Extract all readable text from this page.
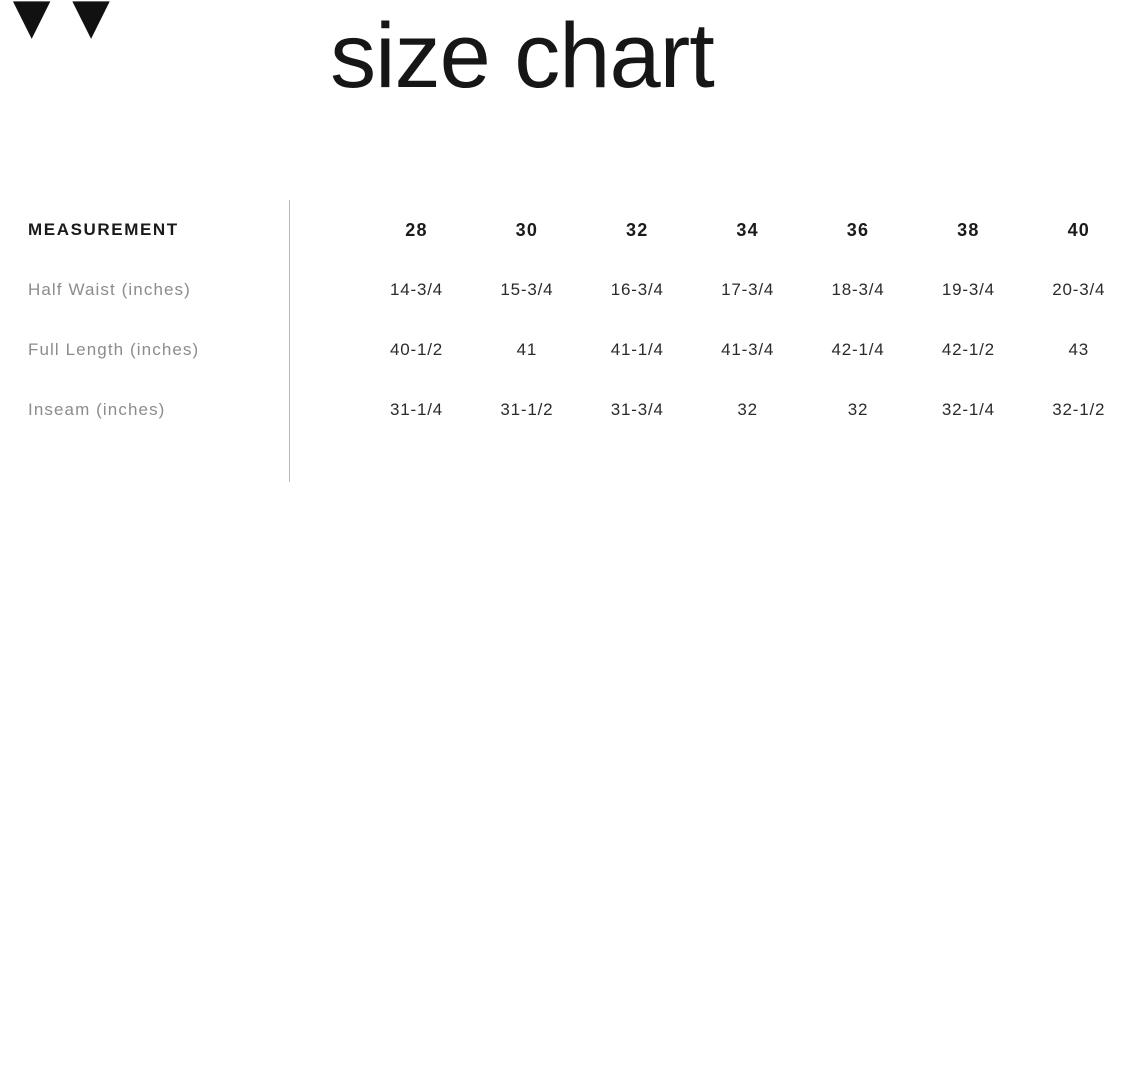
▼▼	size chart
MEASUREMENT	28	30	32	34	36	38	40
Half Waist (inches)	14-3/4	15-3/4	16-3/4	17-3/4	18-3/4	19-3/4	20-3/4
Full Length (inches)	40-1/2	41	41-1/4	41-3/4	42-1/4	42-1/2	43
Inseam (inches)	31-1/4	31-1/2	31-3/4	32	32	32-1/4	32-1/2
